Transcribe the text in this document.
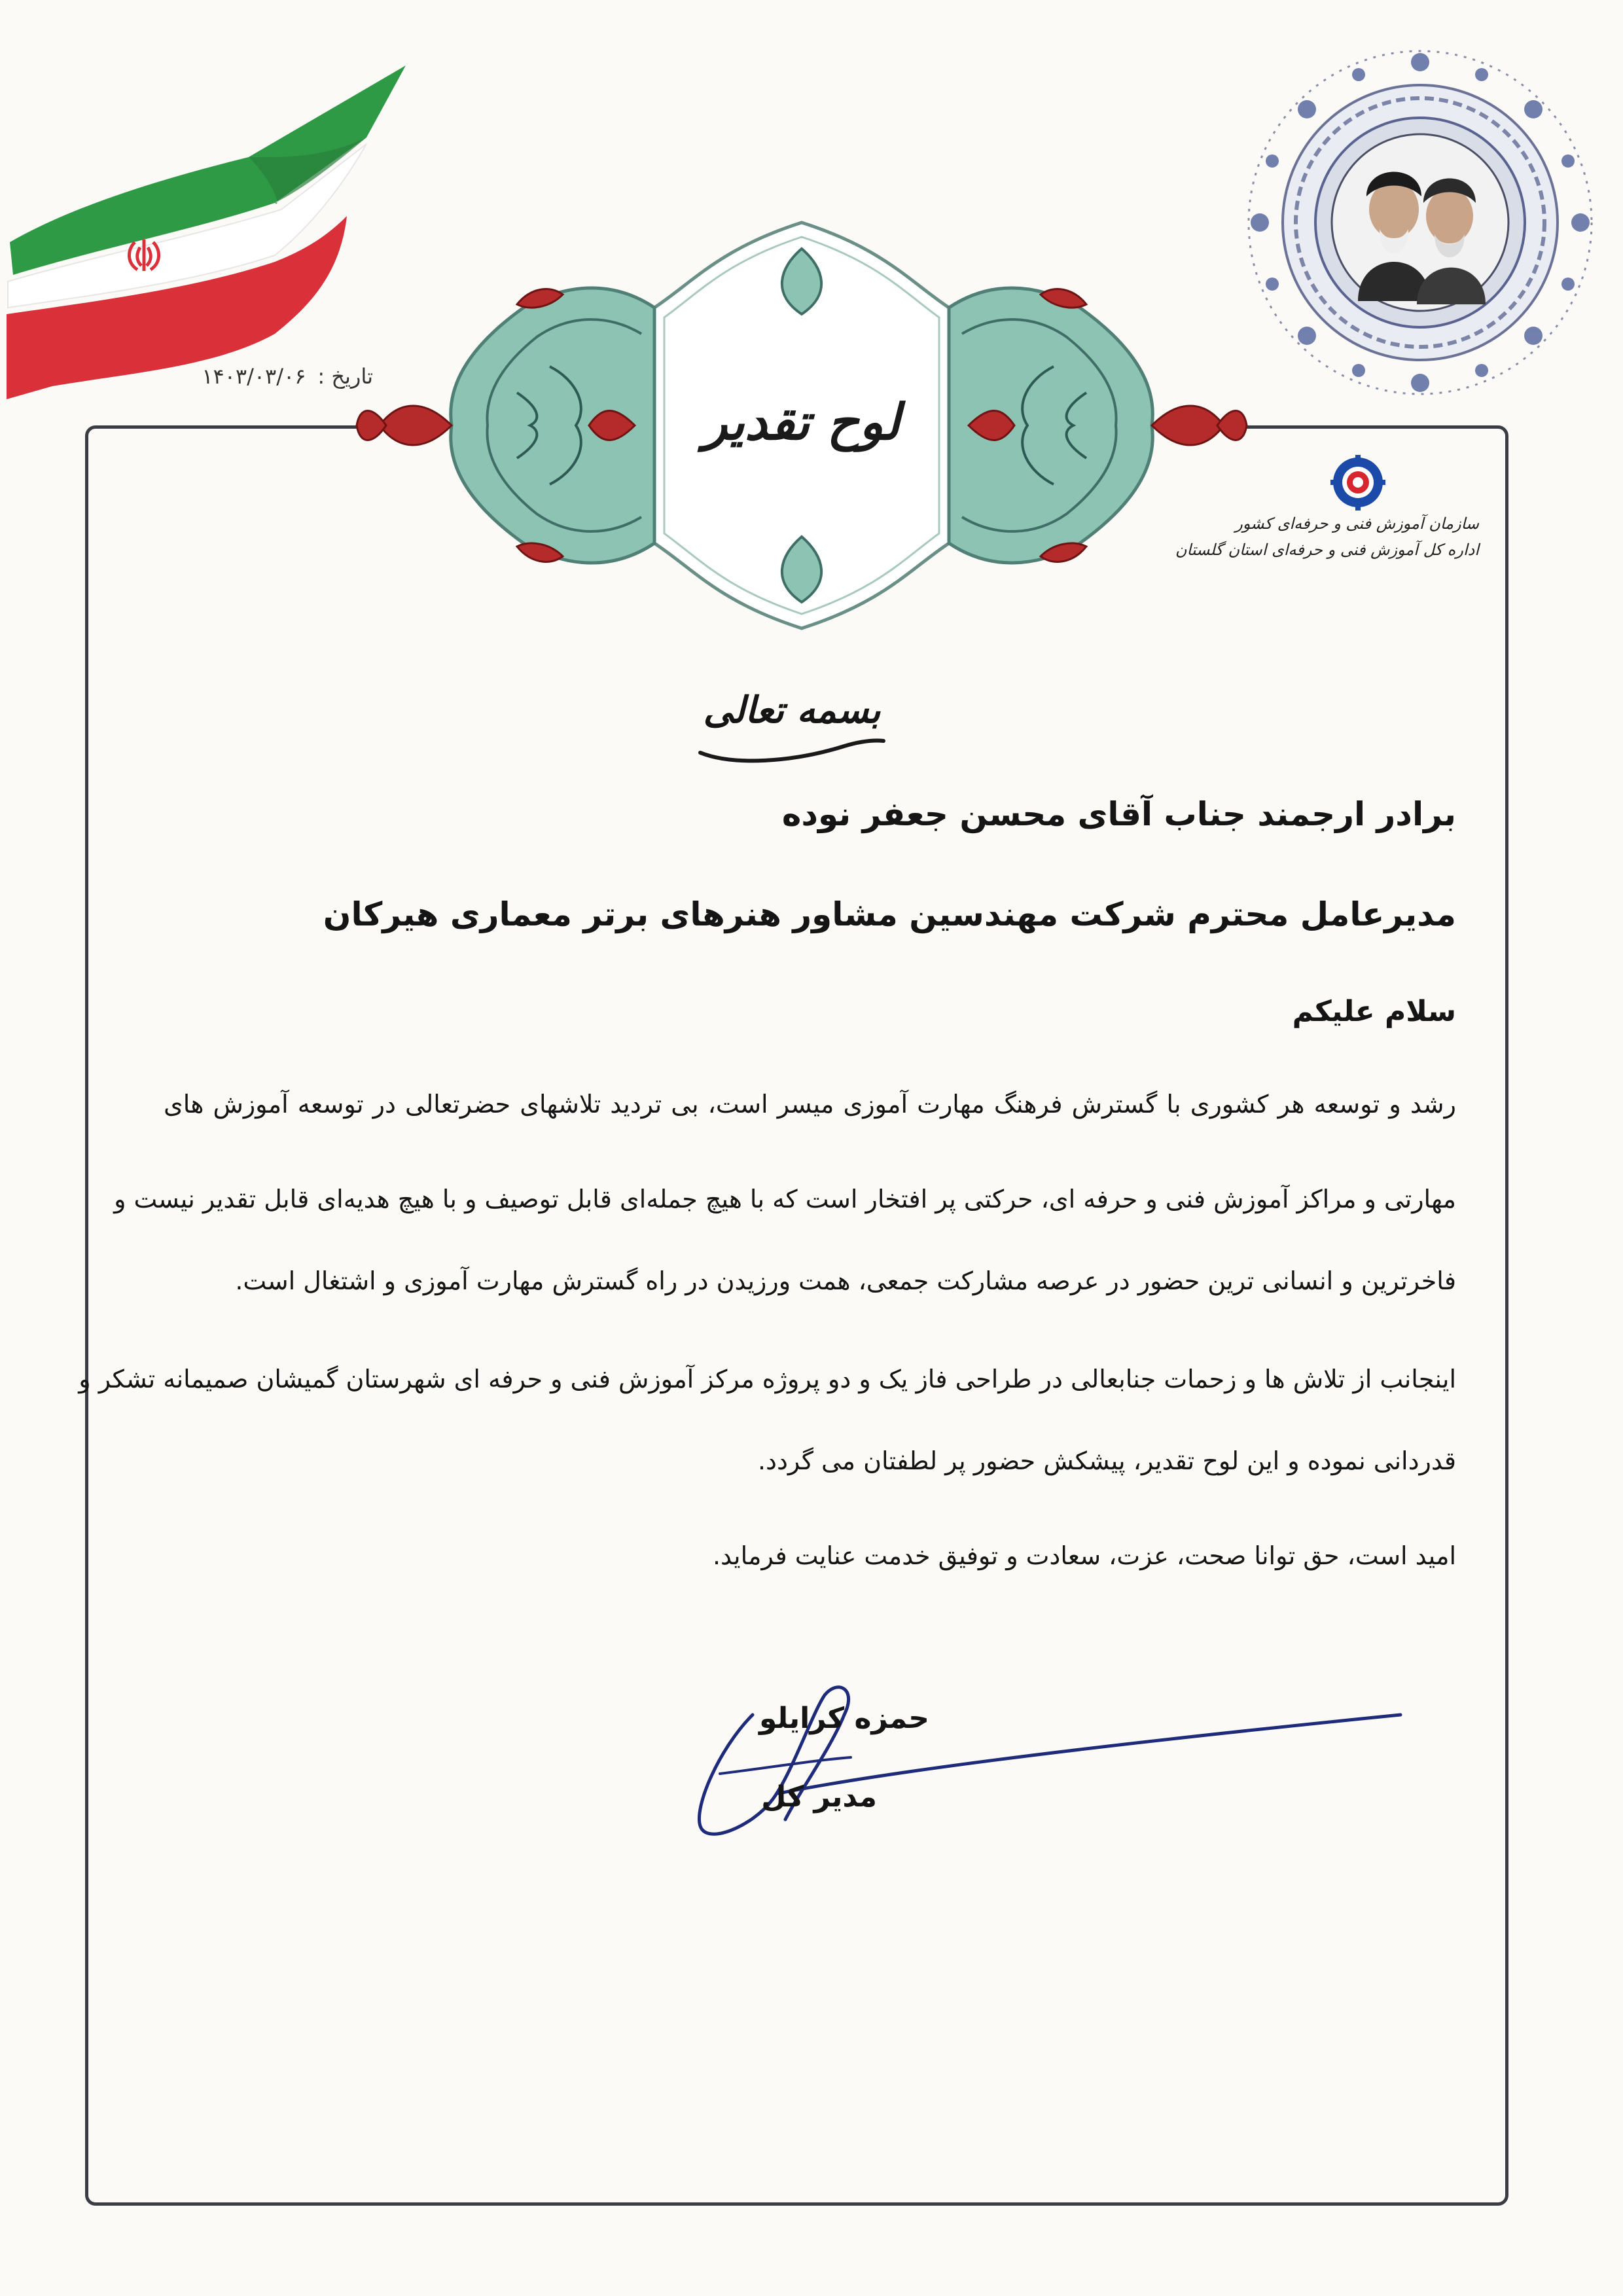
تاریخ :
۱۴۰۳/۰۳/۰۶
لوح تقدیر
سازمان آموزش فنی و حرفه‌ای کشور
اداره کل آموزش فنی و حرفه‌ای استان گلستان
بسمه تعالی
برادر ارجمند جناب آقای محسن جعفر نوده
مدیرعامل محترم شرکت مهندسین مشاور هنرهای برتر معماری هیرکان
سلام علیکم
رشد و توسعه هر کشوری با گسترش فرهنگ مهارت آموزی میسر است، بی تردید تلاشهای حضرتعالی در توسعه آموزش های
مهارتی و مراکز آموزش فنی و حرفه ای، حرکتی پر افتخار است که با هیچ جمله‌ای قابل توصیف و با هیچ هدیه‌ای قابل تقدیر نیست و
فاخرترین و انسانی ترین حضور در عرصه مشارکت جمعی، همت ورزیدن در راه گسترش مهارت آموزی و اشتغال است.
اینجانب از تلاش ها و زحمات جنابعالی در طراحی فاز یک و دو پروژه مرکز آموزش فنی و حرفه ای شهرستان گمیشان صمیمانه تشکر و
قدردانی نموده و این لوح تقدیر، پیشکش حضور پر لطفتان می گردد.
امید است، حق توانا صحت، عزت، سعادت و توفیق خدمت عنایت فرماید.
حمزه کرایلو
مدیر کل
